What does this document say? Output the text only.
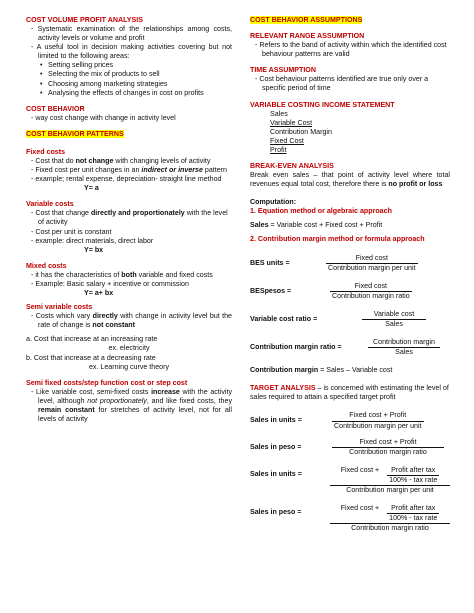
COST VOLUME PROFIT ANALYSIS

- Systematic examination of the relationships among costs, activity levels or volume and profit

- A useful tool in decision making activities covering but not limited to the following areas:

• Setting selling prices

• Selecting the mix of products to sell

• Choosing among marketing strategies

• Analysing the effects of changes in cost on profits

COST BEHAVIOR

- way cost change with change in activity level

COST BEHAVIOR PATTERNS

Fixed costs

- Cost that do not change with changing levels of activity

- Fixed cost per unit changes in an indirect or inverse pattern

- example; rental expense, depreciation- straight line method

Y= a

Variable costs

- Cost that change directly and proportionately with the level of activity

- Cost per unit is constant

- example: direct materials, direct labor

Y= bx

Mixed costs

- it has the characteristics of both variable and fixed costs

- Example: Basic salary + incentive or commission

Y= a+ bx

Semi variable costs

- Costs which vary directly with change in activity level but the rate of change is not constant

a. Cost that increase at an increasing rate

ex. electricity

b. Cost that increase at a decreasing rate

ex. Learning curve theory

Semi fixed costs/step function cost or step cost

- Like variable cost, semi-fixed costs increase with the activity level, although not proportionately, and like fixed costs, they remain constant for stretches of activity level, not for all levels of activity

COST BEHAVIOR ASSUMPTIONS

RELEVANT RANGE ASSUMPTION

- Refers to the band of activity within which the identified cost behaviour patterns are valid

TIME ASSUMPTION

- Cost behaviour patterns identified are true only over a specific period of time

VARIABLE COSTING INCOME STATEMENT

Sales

Variable Cost

Contribution Margin

Fixed Cost

Profit

BREAK-EVEN ANALYSIS

Break even sales – that point of activity level where total revenues equal total cost, therefore there is no profit or loss

Computation:

1. Equation method or algebraic approach

Sales = Variable cost + Fixed cost + Profit

2. Contribution margin method or formula approach

BES units =	$\frac{\text{Fixed cost}}{\text{Contribution margin per unit}}$
BESpesos =	$\frac{\text{Fixed cost}}{\text{Contribution margin ratio}}$
Variable cost ratio =	$\frac{\text{Variable cost}}{\text{Sales}}$
Contribution margin ratio =	$\frac{\text{Contribution margin}}{\text{Sales}}$

Contribution margin = Sales – Variable cost

TARGET ANALYSIS – is concerned with estimating the level of sales required to attain a specified target profit

Sales in units =	$\frac{\text{Fixed cost + Profit}}{\text{Contribution margin per unit}}$
Sales in peso =	$\frac{\text{Fixed cost + Profit}}{\text{Contribution margin ratio}}$
Sales in units =	Fixed cost + Profit after tax
100% - tax rate
Contribution margin per unit
Sales in peso =	Fixed cost + Profit after tax
100% - tax rate
Contribution margin ratio
